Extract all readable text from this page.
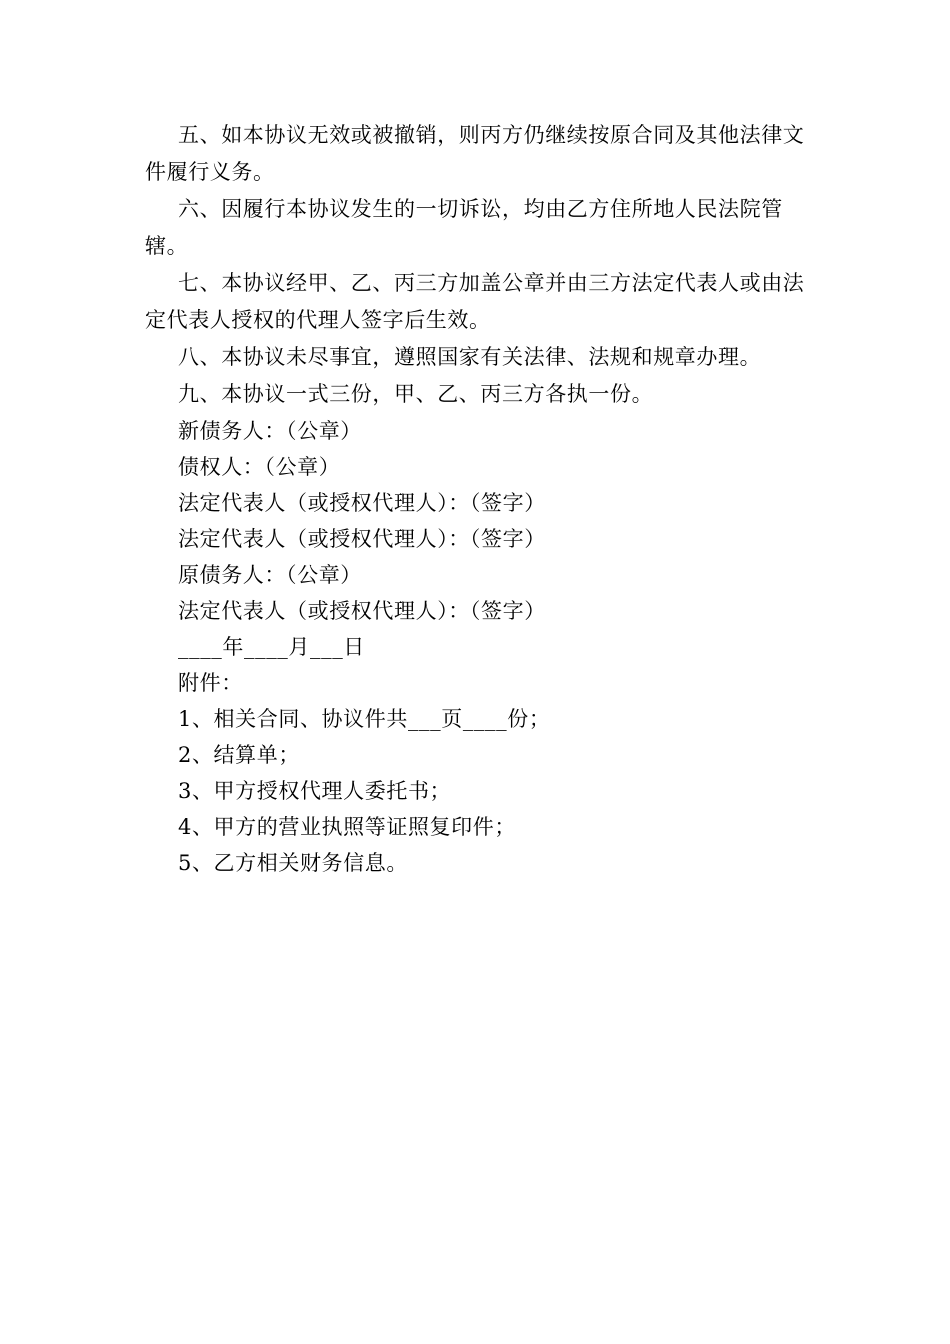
五、如本协议无效或被撤销，则丙方仍继续按原合同及其他法律文件履行义务。

六、因履行本协议发生的一切诉讼，均由乙方住所地人民法院管辖。

七、本协议经甲、乙、丙三方加盖公章并由三方法定代表人或由法定代表人授权的代理人签字后生效。

八、本协议未尽事宜，遵照国家有关法律、法规和规章办理。

九、本协议一式三份，甲、乙、丙三方各执一份。

新债务人：（公章）

债权人：（公章）

法定代表人（或授权代理人）：（签字）

法定代表人（或授权代理人）：（签字）

原债务人：（公章）

法定代表人（或授权代理人）：（签字）

____年____月___日

附件：

1、相关合同、协议件共___页____份；

2、结算单；

3、甲方授权代理人委托书；

4、甲方的营业执照等证照复印件；

5、乙方相关财务信息。
